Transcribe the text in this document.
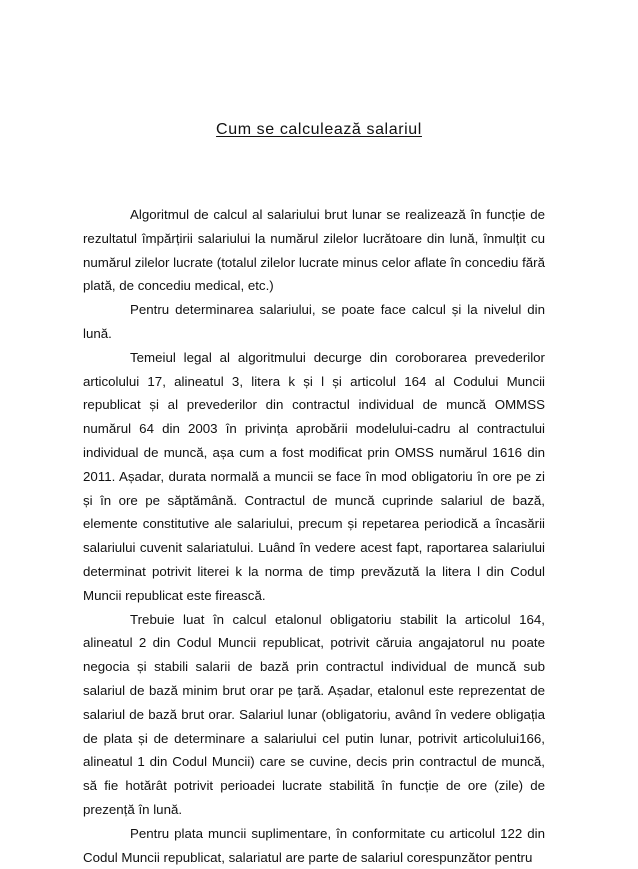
Cum se calculează salariul

Algoritmul de calcul al salariului brut lunar se realizează în funcție de rezultatul împărțirii salariului la numărul zilelor lucrătoare din lună, înmulțit cu numărul zilelor lucrate (totalul zilelor lucrate minus celor aflate în concediu fără plată, de concediu medical, etc.)

Pentru determinarea salariului, se poate face calcul și la nivelul din lună.

Temeiul legal al algoritmului decurge din coroborarea prevederilor articolului 17, alineatul 3, litera k și l și articolul 164 al Codului Muncii republicat și al prevederilor din contractul individual de muncă OMMSS numărul 64 din 2003 în privința aprobării modelului-cadru al contractului individual de muncă, așa cum a fost modificat prin OMSS numărul 1616 din 2011. Așadar, durata normală a muncii se face în mod obligatoriu în ore pe zi și în ore pe săptămână. Contractul de muncă cuprinde salariul de bază, elemente constitutive ale salariului, precum și repetarea periodică a încasării salariului cuvenit salariatului. Luând în vedere acest fapt, raportarea salariului determinat potrivit literei k la norma de timp prevăzută la litera l din Codul Muncii republicat este firească.

Trebuie luat în calcul etalonul obligatoriu stabilit la articolul 164, alineatul 2 din Codul Muncii republicat, potrivit căruia angajatorul nu poate negocia și stabili salarii de bază prin contractul individual de muncă sub salariul de bază minim brut orar pe țară. Așadar, etalonul este reprezentat de salariul de bază brut orar. Salariul lunar (obligatoriu, având în vedere obligația de plata și de determinare a salariului cel putin lunar, potrivit articolului166, alineatul 1 din Codul Muncii) care se cuvine, decis prin contractul de muncă, să fie hotărât potrivit perioadei lucrate stabilită în funcție de ore (zile) de prezență în lună.

Pentru plata muncii suplimentare, în conformitate cu articolul 122 din Codul Muncii republicat, salariatul are parte de salariul corespunzător pentru
